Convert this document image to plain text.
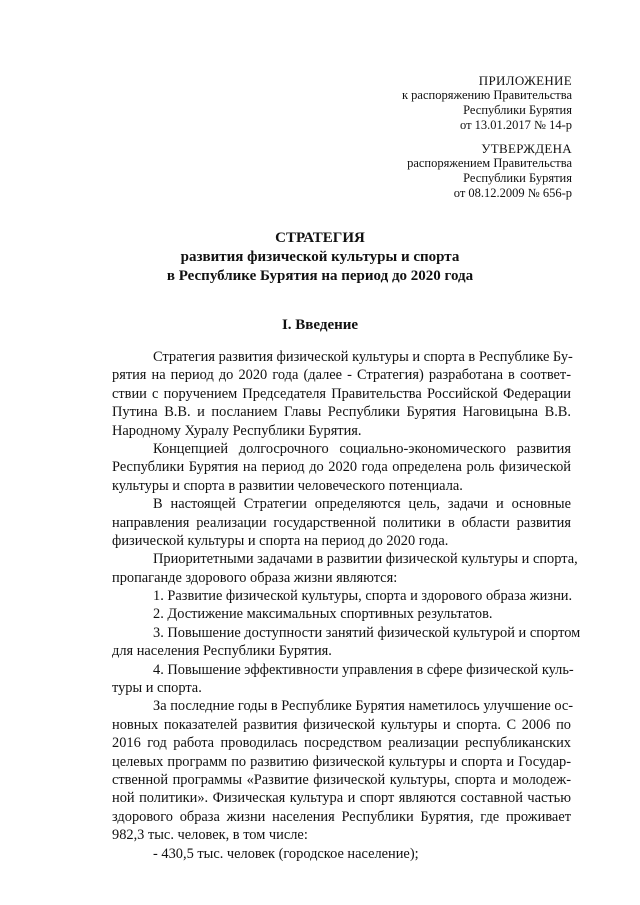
ПРИЛОЖЕНИЕ
к распоряжению Правительства
Республики Бурятия
от 13.01.2017 № 14-р
УТВЕРЖДЕНА
распоряжением Правительства
Республики Бурятия
от 08.12.2009 № 656-р
СТРАТЕГИЯ
развития физической культуры и спорта
в Республике Бурятия на период до 2020 года
I. Введение
Стратегия развития физической культуры и спорта в Республике Бу-
рятия на период до 2020 года (далее - Стратегия) разработана в соответ-
ствии с поручением Председателя Правительства Российской Федерации
Путина В.В. и посланием Главы Республики Бурятия Наговицына В.В.
Народному Хуралу Республики Бурятия.
Концепцией долгосрочного социально-экономического развития
Республики Бурятия на период до 2020 года определена роль физической
культуры и спорта в развитии человеческого потенциала.
В настоящей Стратегии определяются цель, задачи и основные
направления реализации государственной политики в области развития
физической культуры и спорта на период до 2020 года.
Приоритетными задачами в развитии физической культуры и спорта,
пропаганде здорового образа жизни являются:
1. Развитие физической культуры, спорта и здорового образа жизни.
2. Достижение максимальных спортивных результатов.
3. Повышение доступности занятий физической культурой и спортом
для населения Республики Бурятия.
4. Повышение эффективности управления в сфере физической куль-
туры и спорта.
За последние годы в Республике Бурятия наметилось улучшение ос-
новных показателей развития физической культуры и спорта. С 2006 по
2016 год работа проводилась посредством реализации республиканских
целевых программ по развитию физической культуры и спорта и Государ-
ственной программы «Развитие физической культуры, спорта и молодеж-
ной политики». Физическая культура и спорт являются составной частью
здорового образа жизни населения Республики Бурятия, где проживает
982,3 тыс. человек, в том числе:
- 430,5 тыс. человек (городское население);
